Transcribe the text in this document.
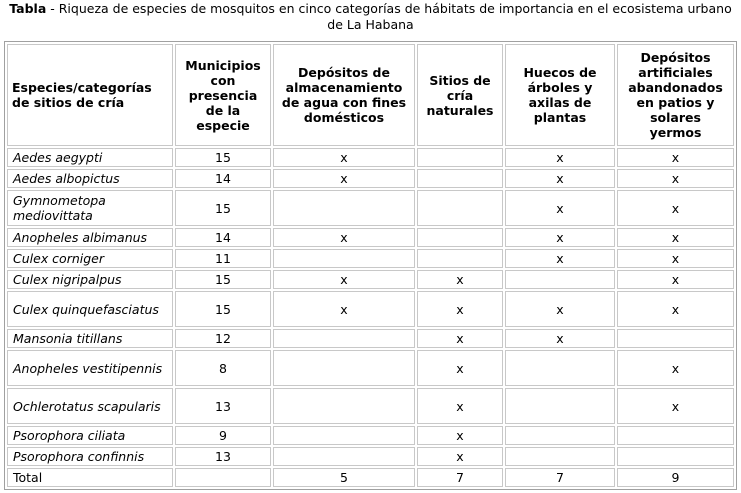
Tabla - Riqueza de especies de mosquitos en cinco categorías de hábitats de importancia en el ecosistema urbano de La Habana
Especies/categorías de sitios de cría	Municipios con presencia de la especie	Depósitos de almacenamiento de agua con fines domésticos	Sitios de cría naturales	Huecos de árboles y axilas de plantas	Depósitos artificiales abandonados en patios y solares yermos
Aedes aegypti	15	x		x	x
Aedes albopictus	14	x		x	x
Gymnometopa mediovittata	15			x	x
Anopheles albimanus	14	x		x	x
Culex corniger	11			x	x
Culex nigripalpus	15	x	x		x
Culex quinquefasciatus	15	x	x	x	x
Mansonia titillans	12		x	x	
Anopheles vestitipennis	8		x		x
Ochlerotatus scapularis	13		x		x
Psorophora ciliata	9		x		
Psorophora confinnis	13		x		
Total		5	7	7	9
